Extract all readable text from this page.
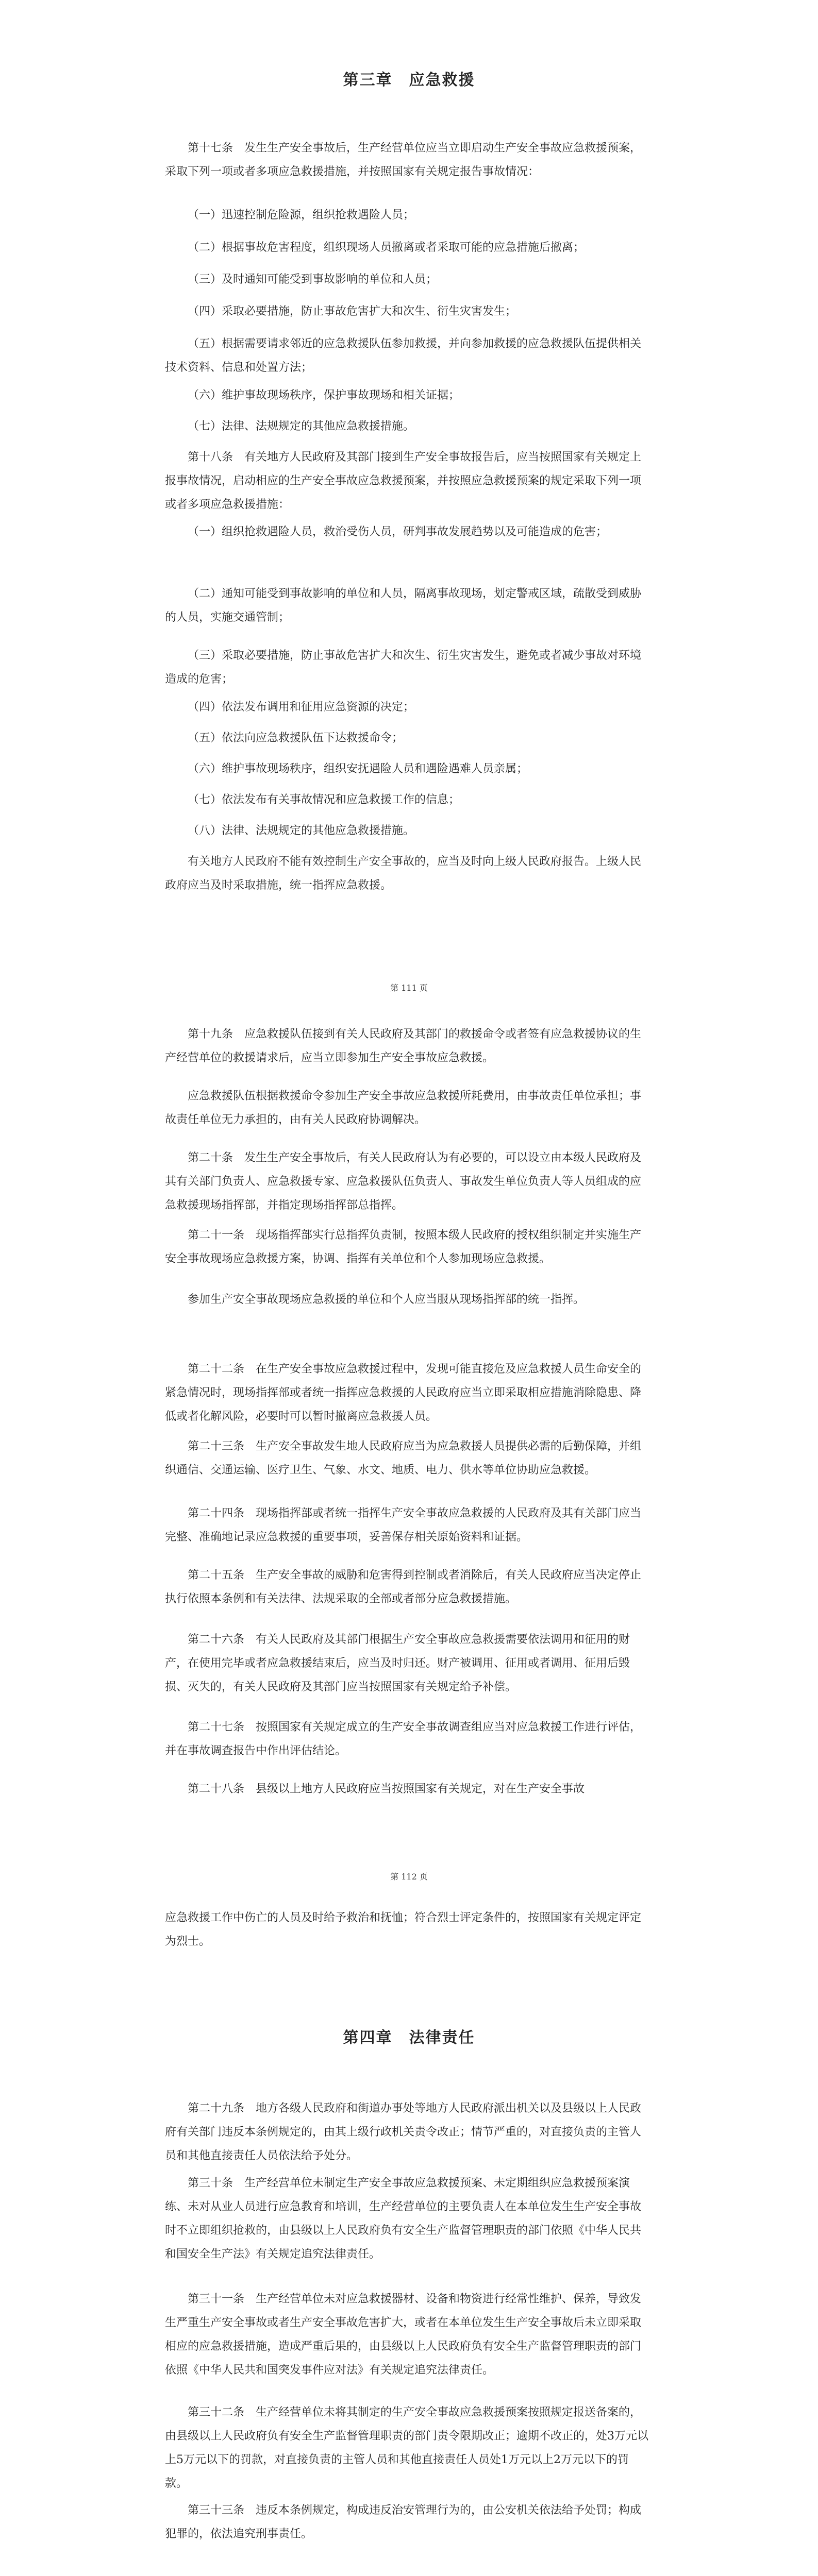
第三章　应急救援

第十七条　发生生产安全事故后，生产经营单位应当立即启动生产安全事故应急救援预案，采取下列一项或者多项应急救援措施，并按照国家有关规定报告事故情况：

（一）迅速控制危险源，组织抢救遇险人员；

（二）根据事故危害程度，组织现场人员撤离或者采取可能的应急措施后撤离；

（三）及时通知可能受到事故影响的单位和人员；

（四）采取必要措施，防止事故危害扩大和次生、衍生灾害发生；

（五）根据需要请求邻近的应急救援队伍参加救援，并向参加救援的应急救援队伍提供相关技术资料、信息和处置方法；

（六）维护事故现场秩序，保护事故现场和相关证据；

（七）法律、法规规定的其他应急救援措施。

第十八条　有关地方人民政府及其部门接到生产安全事故报告后，应当按照国家有关规定上报事故情况，启动相应的生产安全事故应急救援预案，并按照应急救援预案的规定采取下列一项或者多项应急救援措施：

（一）组织抢救遇险人员，救治受伤人员，研判事故发展趋势以及可能造成的危害；

（二）通知可能受到事故影响的单位和人员，隔离事故现场，划定警戒区域，疏散受到威胁的人员，实施交通管制；

（三）采取必要措施，防止事故危害扩大和次生、衍生灾害发生，避免或者减少事故对环境造成的危害；

（四）依法发布调用和征用应急资源的决定；

（五）依法向应急救援队伍下达救援命令；

（六）维护事故现场秩序，组织安抚遇险人员和遇险遇难人员亲属；

（七）依法发布有关事故情况和应急救援工作的信息；

（八）法律、法规规定的其他应急救援措施。

有关地方人民政府不能有效控制生产安全事故的，应当及时向上级人民政府报告。上级人民政府应当及时采取措施，统一指挥应急救援。

第 111 页

第十九条　应急救援队伍接到有关人民政府及其部门的救援命令或者签有应急救援协议的生产经营单位的救援请求后，应当立即参加生产安全事故应急救援。

应急救援队伍根据救援命令参加生产安全事故应急救援所耗费用，由事故责任单位承担；事故责任单位无力承担的，由有关人民政府协调解决。

第二十条　发生生产安全事故后，有关人民政府认为有必要的，可以设立由本级人民政府及其有关部门负责人、应急救援专家、应急救援队伍负责人、事故发生单位负责人等人员组成的应急救援现场指挥部，并指定现场指挥部总指挥。

第二十一条　现场指挥部实行总指挥负责制，按照本级人民政府的授权组织制定并实施生产安全事故现场应急救援方案，协调、指挥有关单位和个人参加现场应急救援。

参加生产安全事故现场应急救援的单位和个人应当服从现场指挥部的统一指挥。

第二十二条　在生产安全事故应急救援过程中，发现可能直接危及应急救援人员生命安全的紧急情况时，现场指挥部或者统一指挥应急救援的人民政府应当立即采取相应措施消除隐患、降低或者化解风险，必要时可以暂时撤离应急救援人员。

第二十三条　生产安全事故发生地人民政府应当为应急救援人员提供必需的后勤保障，并组织通信、交通运输、医疗卫生、气象、水文、地质、电力、供水等单位协助应急救援。

第二十四条　现场指挥部或者统一指挥生产安全事故应急救援的人民政府及其有关部门应当完整、准确地记录应急救援的重要事项，妥善保存相关原始资料和证据。

第二十五条　生产安全事故的威胁和危害得到控制或者消除后，有关人民政府应当决定停止执行依照本条例和有关法律、法规采取的全部或者部分应急救援措施。

第二十六条　有关人民政府及其部门根据生产安全事故应急救援需要依法调用和征用的财产，在使用完毕或者应急救援结束后，应当及时归还。财产被调用、征用或者调用、征用后毁损、灭失的，有关人民政府及其部门应当按照国家有关规定给予补偿。

第二十七条　按照国家有关规定成立的生产安全事故调查组应当对应急救援工作进行评估，并在事故调查报告中作出评估结论。

第二十八条　县级以上地方人民政府应当按照国家有关规定，对在生产安全事故

第 112 页

应急救援工作中伤亡的人员及时给予救治和抚恤；符合烈士评定条件的，按照国家有关规定评定为烈士。

第四章　法律责任

第二十九条　地方各级人民政府和街道办事处等地方人民政府派出机关以及县级以上人民政府有关部门违反本条例规定的，由其上级行政机关责令改正；情节严重的，对直接负责的主管人员和其他直接责任人员依法给予处分。

第三十条　生产经营单位未制定生产安全事故应急救援预案、未定期组织应急救援预案演练、未对从业人员进行应急教育和培训，生产经营单位的主要负责人在本单位发生生产安全事故时不立即组织抢救的，由县级以上人民政府负有安全生产监督管理职责的部门依照《中华人民共和国安全生产法》有关规定追究法律责任。

第三十一条　生产经营单位未对应急救援器材、设备和物资进行经常性维护、保养，导致发生严重生产安全事故或者生产安全事故危害扩大，或者在本单位发生生产安全事故后未立即采取相应的应急救援措施，造成严重后果的，由县级以上人民政府负有安全生产监督管理职责的部门依照《中华人民共和国突发事件应对法》有关规定追究法律责任。

第三十二条　生产经营单位未将其制定的生产安全事故应急救援预案按照规定报送备案的，由县级以上人民政府负有安全生产监督管理职责的部门责令限期改正；逾期不改正的，处3万元以上5万元以下的罚款，对直接负责的主管人员和其他直接责任人员处1万元以上2万元以下的罚款。

第三十三条　违反本条例规定，构成违反治安管理行为的，由公安机关依法给予处罚；构成犯罪的，依法追究刑事责任。
